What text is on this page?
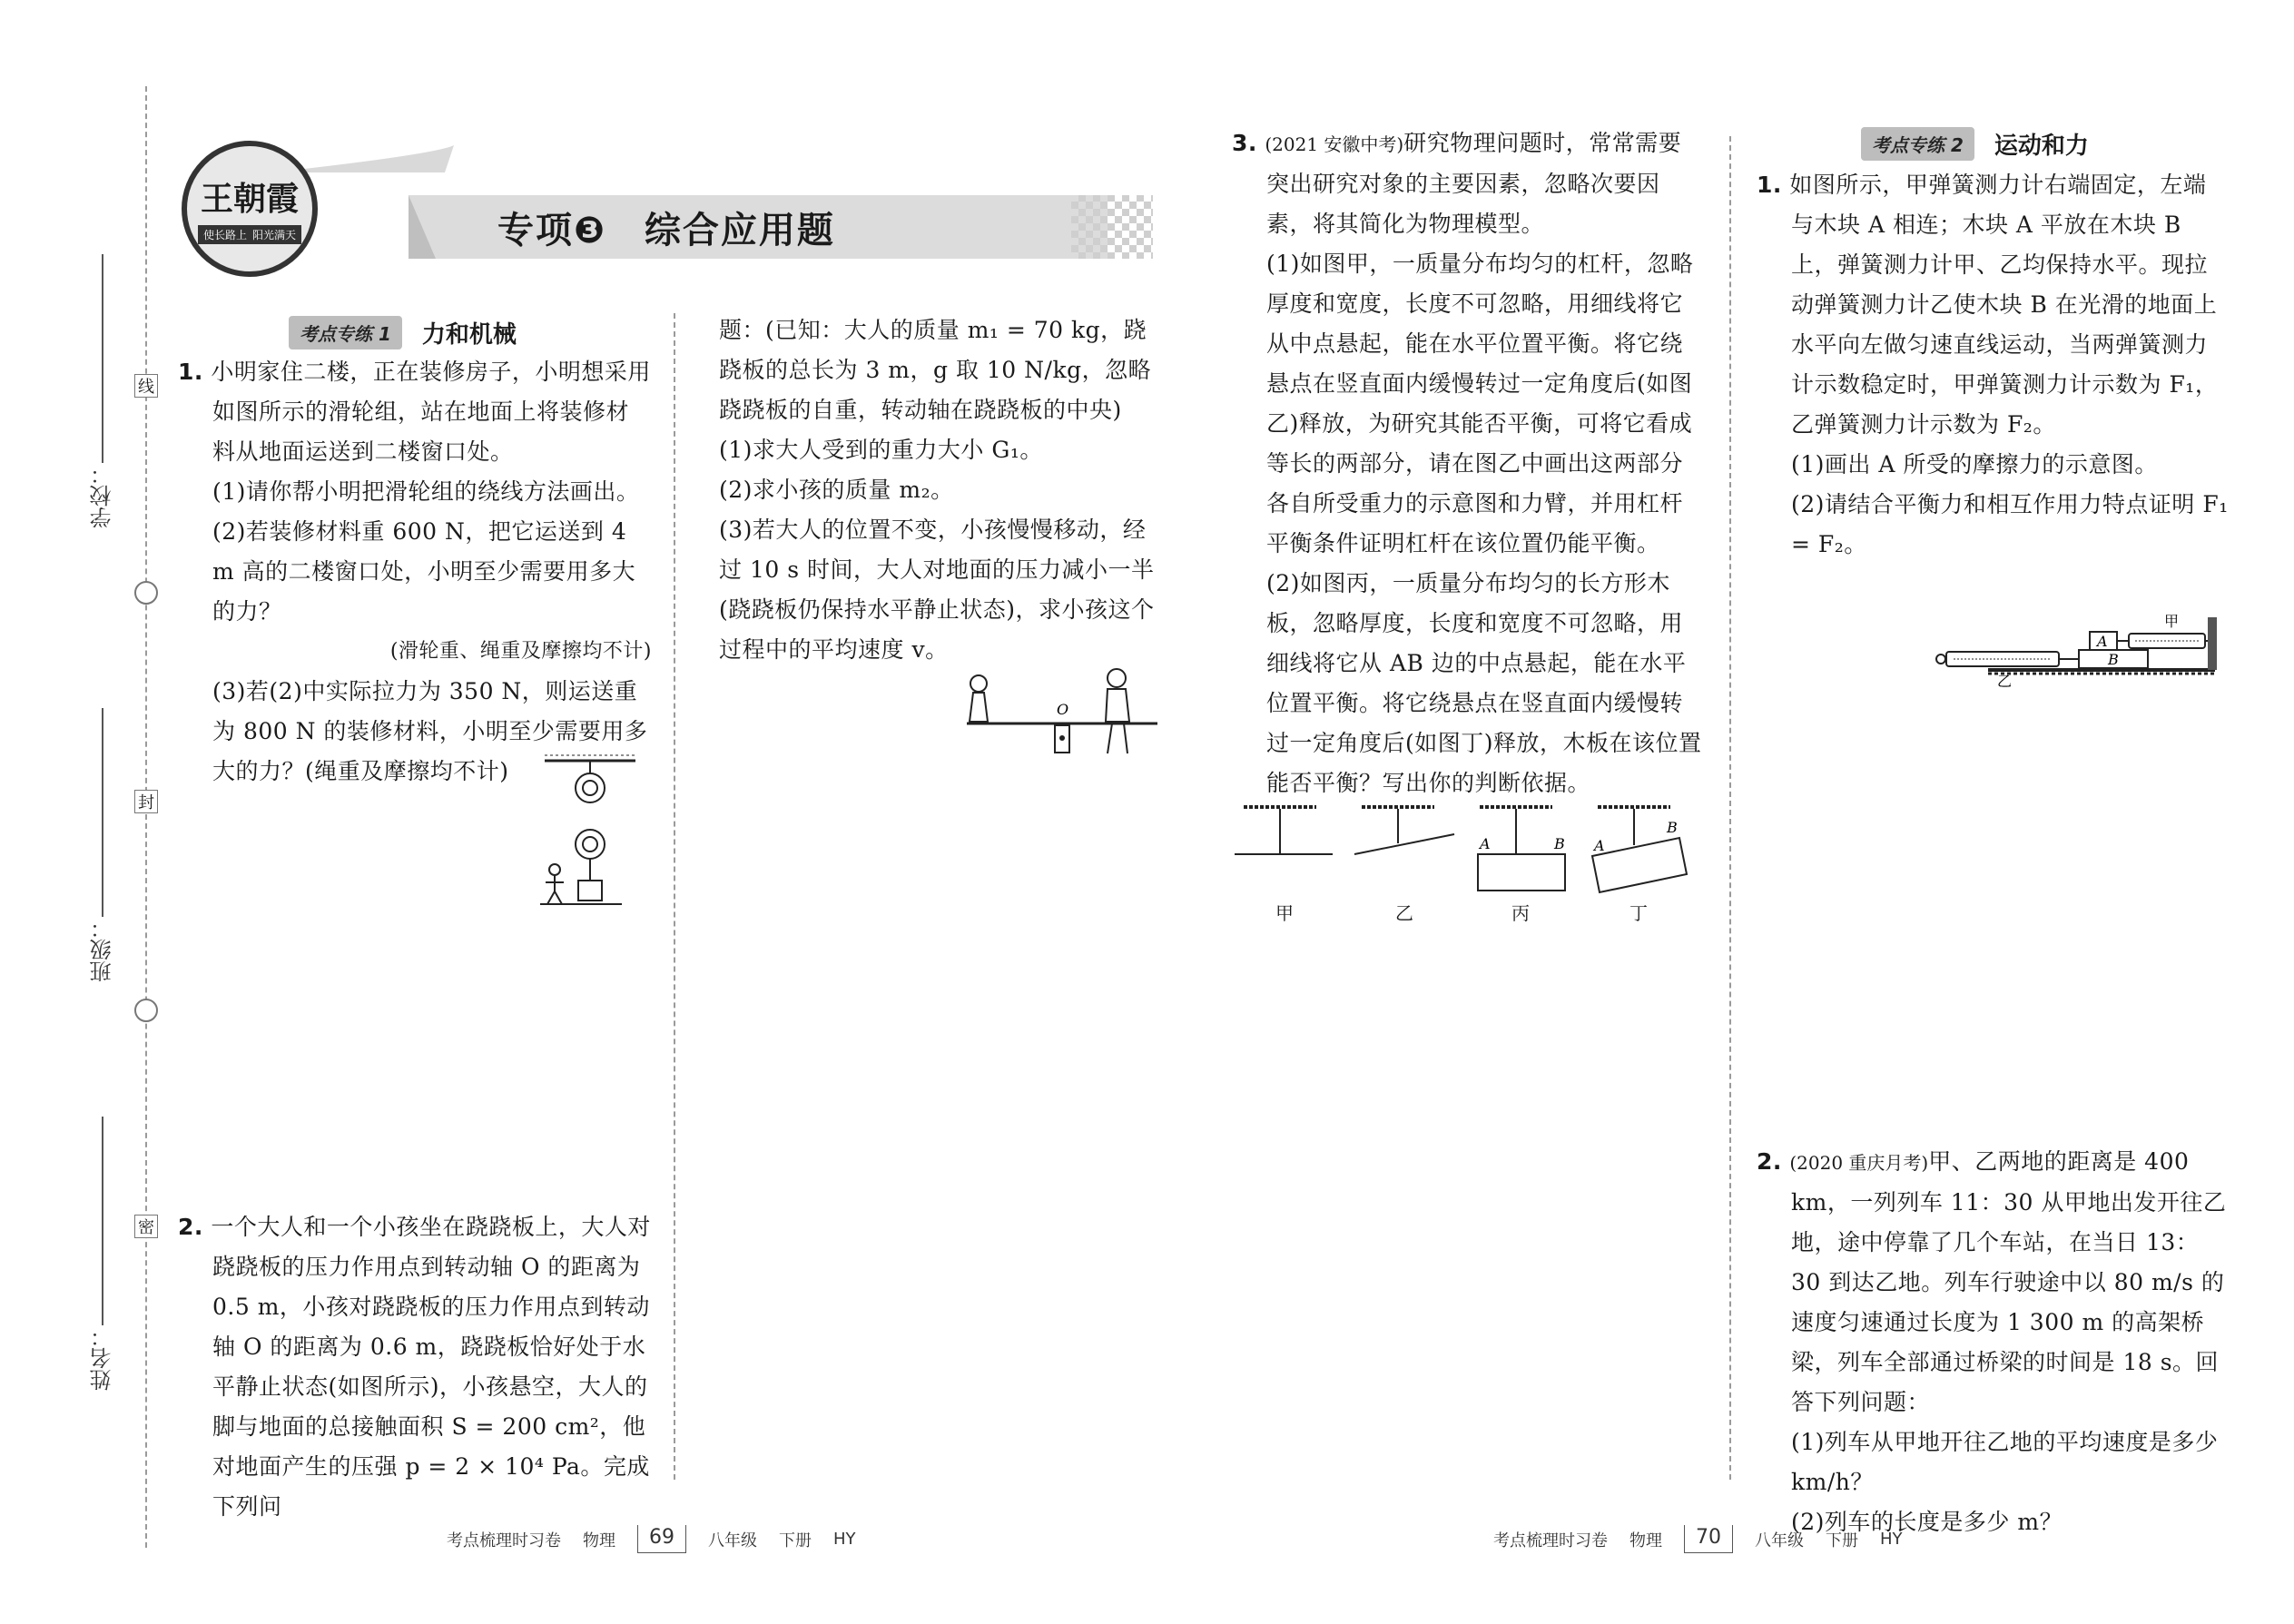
学校：
班级：
姓名：
线
封
密
王朝霞
使长路上 阳光满天	专项❸　综合应用题
考点专练 1	力和机械

1. 小明家住二楼，正在装修房子，小明想采用如图所示的滑轮组，站在地面上将装修材料从地面运送到二楼窗口处。

(1)请你帮小明把滑轮组的绕线方法画出。

(2)若装修材料重 600 N，把它运送到 4 m 高的二楼窗口处，小明至少需要用多大的力？

(滑轮重、绳重及摩擦均不计)

(3)若(2)中实际拉力为 350 N，则运送重为 800 N 的装修材料，小明至少需要用多大的力？(绳重及摩擦均不计)

2. 一个大人和一个小孩坐在跷跷板上，大人对跷跷板的压力作用点到转动轴 O 的距离为 0.5 m，小孩对跷跷板的压力作用点到转动轴 O 的距离为 0.6 m，跷跷板恰好处于水平静止状态(如图所示)，小孩悬空，大人的脚与地面的总接触面积 S = 200 cm²，他对地面产生的压强 p = 2 × 10⁴ Pa。完成下列问

题：(已知：大人的质量 m₁ = 70 kg，跷跷板的总长为 3 m，g 取 10 N/kg，忽略跷跷板的自重，转动轴在跷跷板的中央)

(1)求大人受到的重力大小 G₁。

(2)求小孩的质量 m₂。

(3)若大人的位置不变，小孩慢慢移动，经过 10 s 时间，大人对地面的压力减小一半(跷跷板仍保持水平静止状态)，求小孩这个过程中的平均速度 v。

O

3. (2021 安徽中考)研究物理问题时，常常需要突出研究对象的主要因素，忽略次要因素，将其简化为物理模型。

(1)如图甲，一质量分布均匀的杠杆，忽略厚度和宽度，长度不可忽略，用细线将它从中点悬起，能在水平位置平衡。将它绕悬点在竖直面内缓慢转过一定角度后(如图乙)释放，为研究其能否平衡，可将它看成等长的两部分，请在图乙中画出这两部分各自所受重力的示意图和力臂，并用杠杆平衡条件证明杠杆在该位置仍能平衡。

(2)如图丙，一质量分布均匀的长方形木板，忽略厚度，长度和宽度不可忽略，用细线将它从 AB 边的中点悬起，能在水平位置平衡。将它绕悬点在竖直面内缓慢转过一定角度后(如图丁)释放，木板在该位置能否平衡？写出你的判断依据。

A	B A
B
甲	乙	丙	丁
考点专练 2	运动和力

1. 如图所示，甲弹簧测力计右端固定，左端与木块 A 相连；木块 A 平放在木块 B 上，弹簧测力计甲、乙均保持水平。现拉动弹簧测力计乙使木块 B 在光滑的地面上水平向左做匀速直线运动，当两弹簧测力计示数稳定时，甲弹簧测力计示数为 F₁，乙弹簧测力计示数为 F₂。

(1)画出 A 所受的摩擦力的示意图。

(2)请结合平衡力和相互作用力特点证明 F₁ = F₂。

A
B
甲
乙

2. (2020 重庆月考)甲、乙两地的距离是 400 km，一列列车 11：30 从甲地出发开往乙地，途中停靠了几个车站，在当日 13：30 到达乙地。列车行驶途中以 80 m/s 的速度匀速通过长度为 1 300 m 的高架桥梁，列车全部通过桥梁的时间是 18 s。回答下列问题：

(1)列车从甲地开往乙地的平均速度是多少 km/h？

(2)列车的长度是多少 m？

考点梳理时习卷 物理	69	八年级 下册 HY	考点梳理时习卷 物理	70	八年级 下册 HY
